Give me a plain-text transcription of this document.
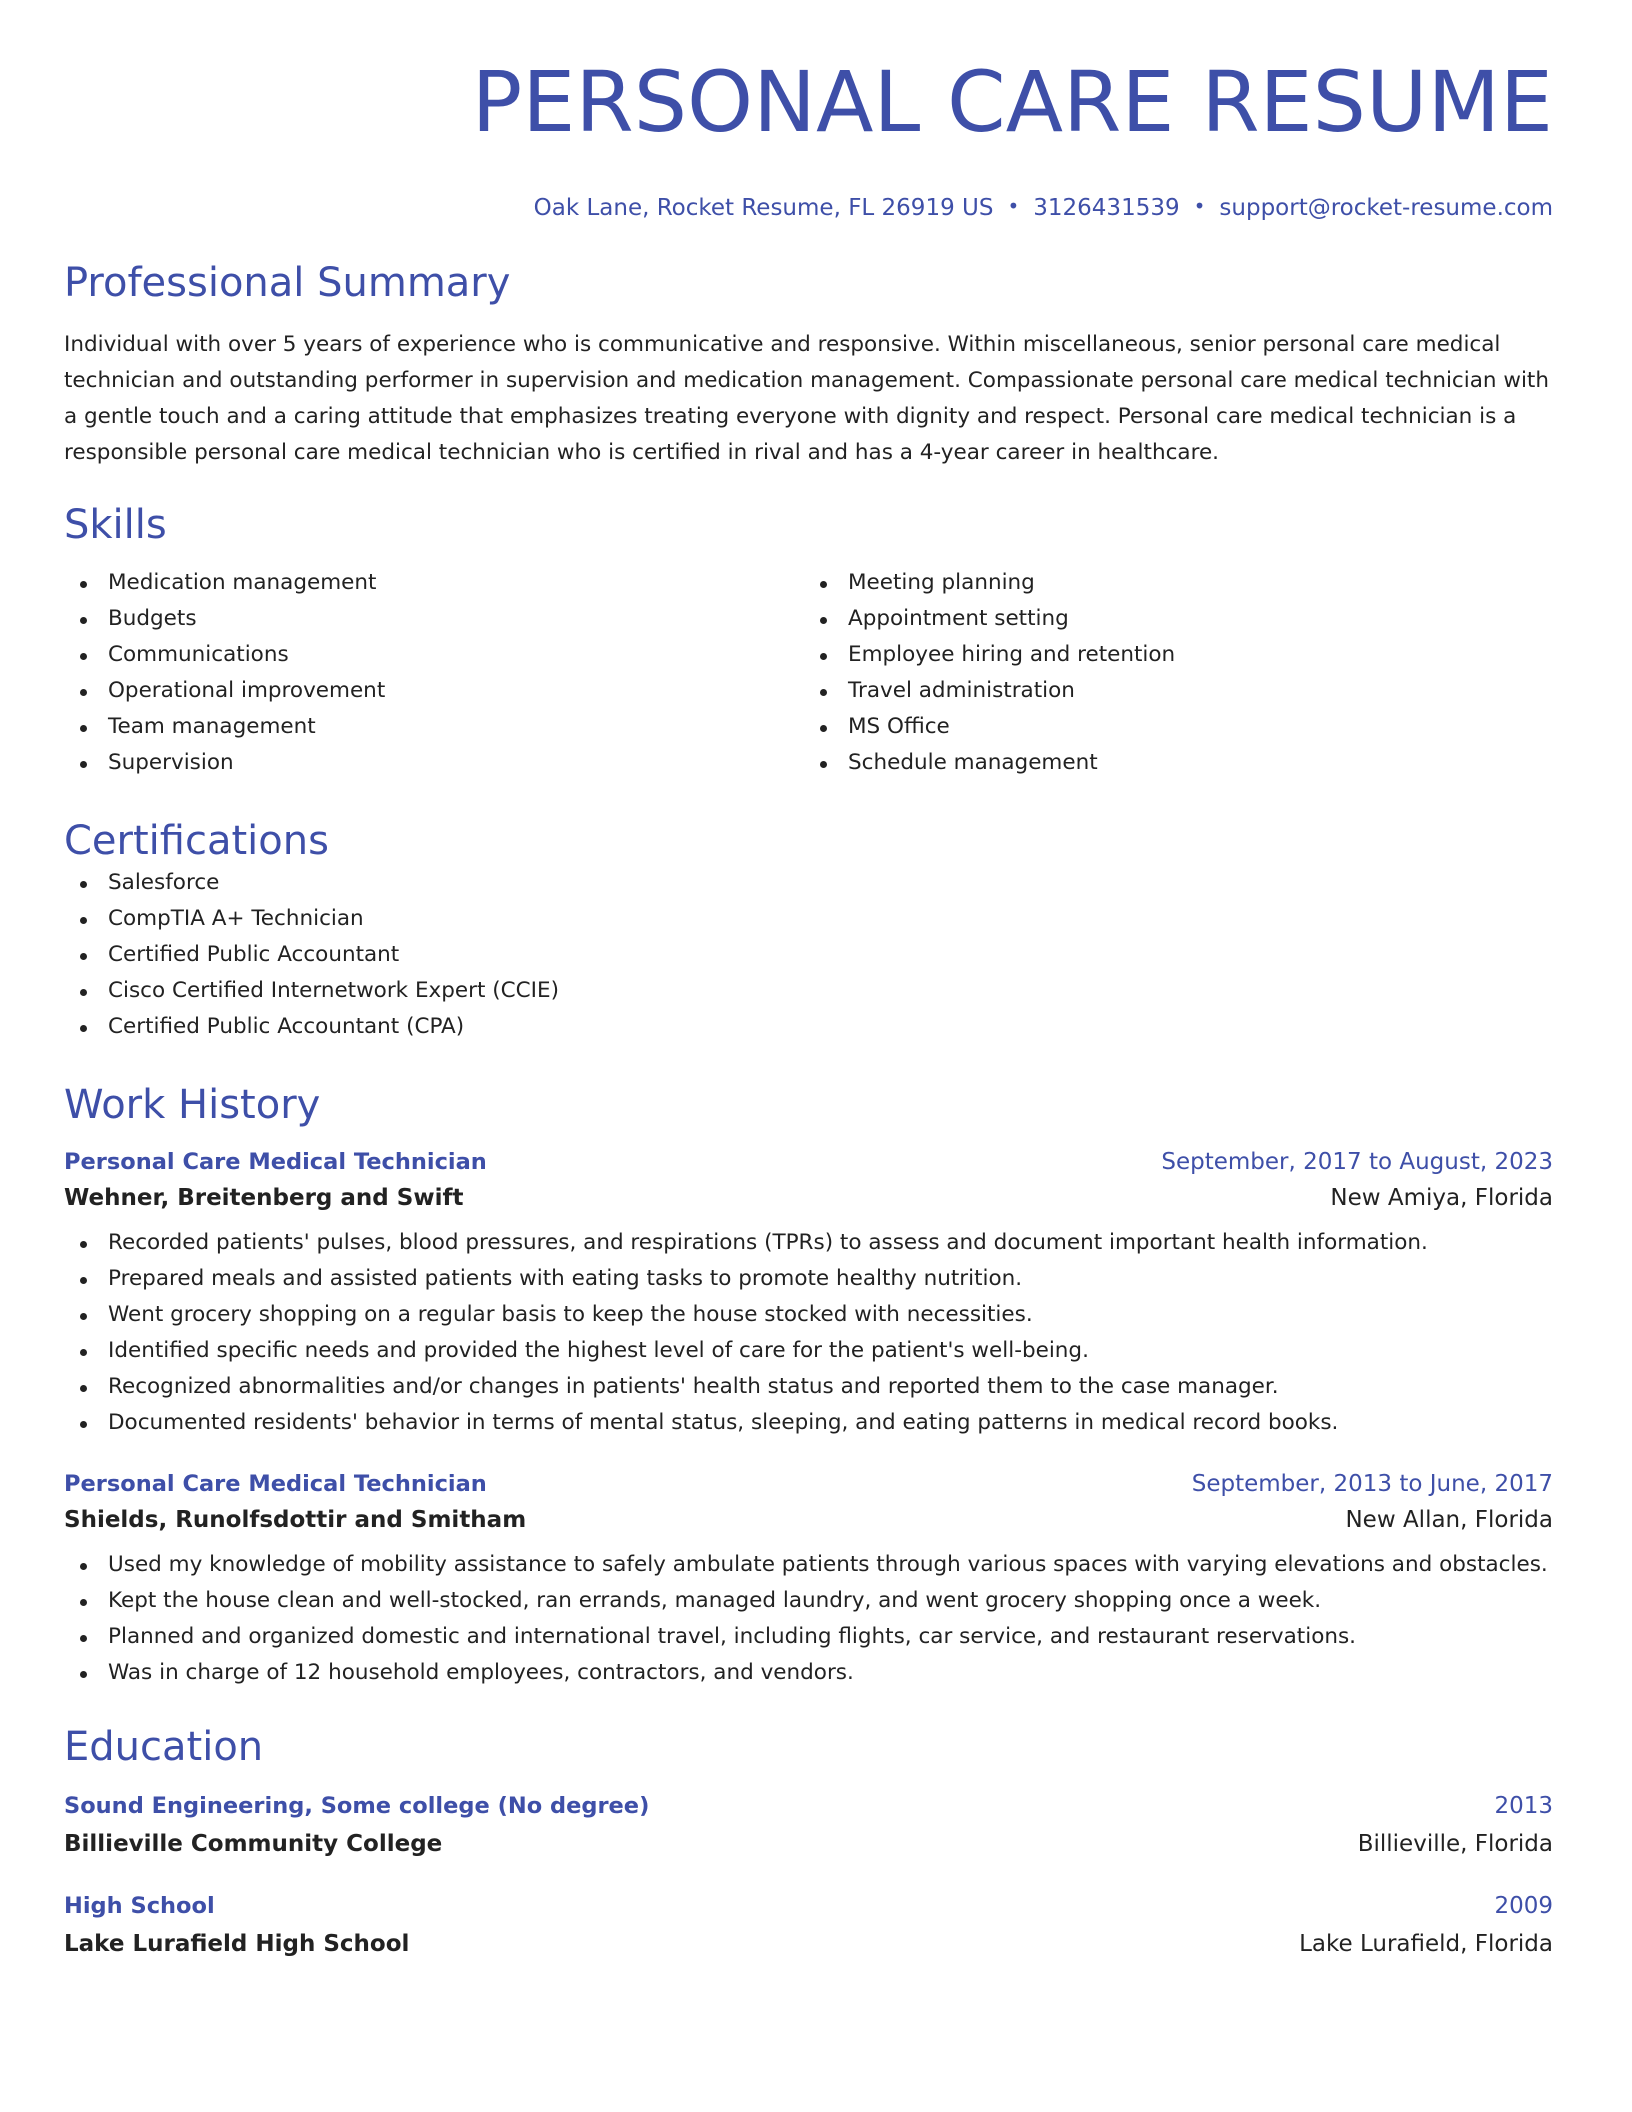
PERSONAL CARE RESUME
Oak Lane, Rocket Resume, FL 26919 US • 3126431539 • support@rocket-resume.com
Professional Summary

Individual with over 5 years of experience who is communicative and responsive. Within miscellaneous, senior personal care medical technician and outstanding performer in supervision and medication management. Compassionate personal care medical technician with a gentle touch and a caring attitude that emphasizes treating everyone with dignity and respect. Personal care medical technician is a responsible personal care medical technician who is certified in rival and has a 4-year career in healthcare.

Skills
Medication management
Budgets
Communications
Operational improvement
Team management
Supervision
Meeting planning
Appointment setting
Employee hiring and retention
Travel administration
MS Office
Schedule management
Certifications
Salesforce
CompTIA A+ Technician
Certified Public Accountant
Cisco Certified Internetwork Expert (CCIE)
Certified Public Accountant (CPA)
Work History
Personal Care Medical Technician	September, 2017 to August, 2023
Wehner, Breitenberg and Swift	New Amiya, Florida
Recorded patients' pulses, blood pressures, and respirations (TPRs) to assess and document important health information.
Prepared meals and assisted patients with eating tasks to promote healthy nutrition.
Went grocery shopping on a regular basis to keep the house stocked with necessities.
Identified specific needs and provided the highest level of care for the patient's well-being.
Recognized abnormalities and/or changes in patients' health status and reported them to the case manager.
Documented residents' behavior in terms of mental status, sleeping, and eating patterns in medical record books.
Personal Care Medical Technician	September, 2013 to June, 2017
Shields, Runolfsdottir and Smitham	New Allan, Florida
Used my knowledge of mobility assistance to safely ambulate patients through various spaces with varying elevations and obstacles.
Kept the house clean and well-stocked, ran errands, managed laundry, and went grocery shopping once a week.
Planned and organized domestic and international travel, including flights, car service, and restaurant reservations.
Was in charge of 12 household employees, contractors, and vendors.
Education
Sound Engineering, Some college (No degree)	2013
Billieville Community College	Billieville, Florida
High School	2009
Lake Lurafield High School	Lake Lurafield, Florida
